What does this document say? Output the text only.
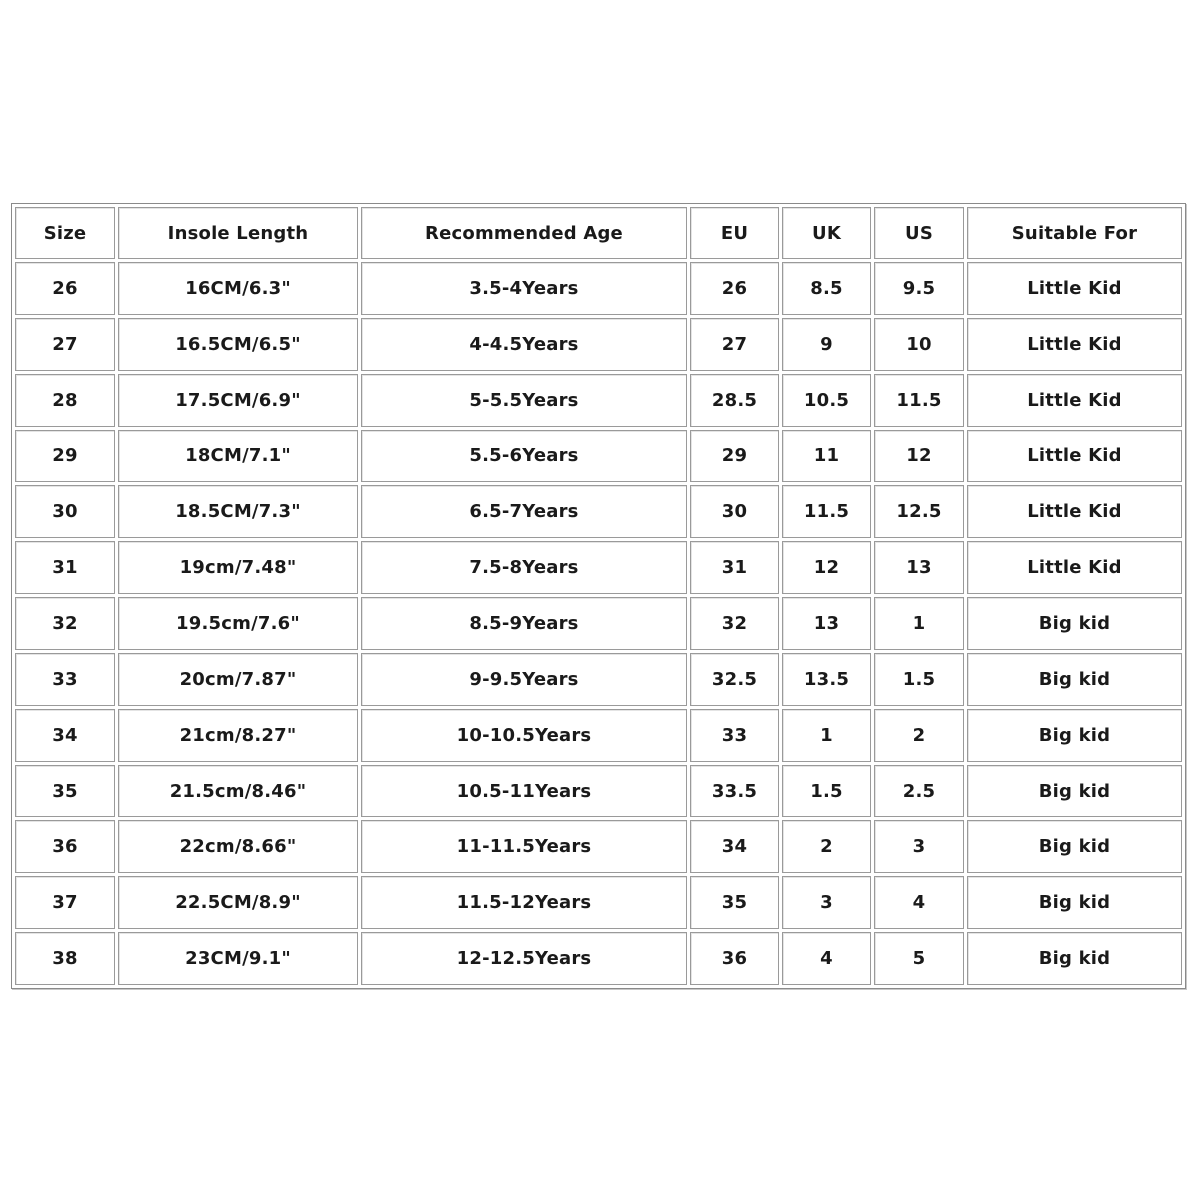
Size	Insole Length	Recommended Age	EU	UK	US	Suitable For
26	16CM/6.3"	3.5-4Years	26	8.5	9.5	Little Kid
27	16.5CM/6.5"	4-4.5Years	27	9	10	Little Kid
28	17.5CM/6.9"	5-5.5Years	28.5	10.5	11.5	Little Kid
29	18CM/7.1"	5.5-6Years	29	11	12	Little Kid
30	18.5CM/7.3"	6.5-7Years	30	11.5	12.5	Little Kid
31	19cm/7.48"	7.5-8Years	31	12	13	Little Kid
32	19.5cm/7.6"	8.5-9Years	32	13	1	Big kid
33	20cm/7.87"	9-9.5Years	32.5	13.5	1.5	Big kid
34	21cm/8.27"	10-10.5Years	33	1	2	Big kid
35	21.5cm/8.46"	10.5-11Years	33.5	1.5	2.5	Big kid
36	22cm/8.66"	11-11.5Years	34	2	3	Big kid
37	22.5CM/8.9"	11.5-12Years	35	3	4	Big kid
38	23CM/9.1"	12-12.5Years	36	4	5	Big kid
